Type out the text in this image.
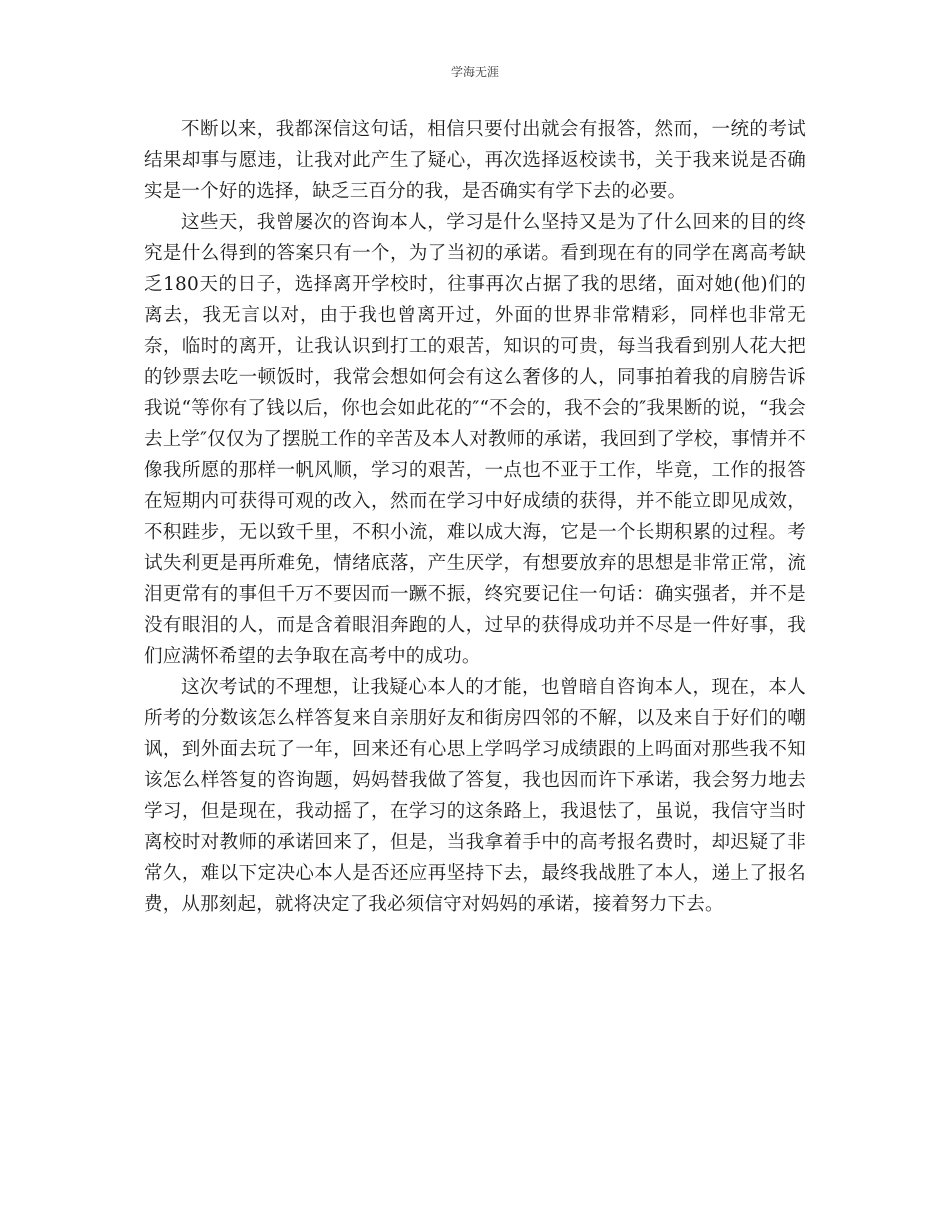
学海无涯

不断以来，我都深信这句话，相信只要付出就会有报答，然而，一统的考试结果却事与愿违，让我对此产生了疑心，再次选择返校读书，关于我来说是否确实是一个好的选择，缺乏三百分的我，是否确实有学下去的必要。

这些天，我曾屡次的咨询本人，学习是什么坚持又是为了什么回来的目的终究是什么得到的答案只有一个，为了当初的承诺。看到现在有的同学在离高考缺乏180天的日子，选择离开学校时，往事再次占据了我的思绪，面对她(他)们的离去，我无言以对，由于我也曾离开过，外面的世界非常精彩，同样也非常无奈，临时的离开，让我认识到打工的艰苦，知识的可贵，每当我看到别人花大把的钞票去吃一顿饭时，我常会想如何会有这么奢侈的人，同事拍着我的肩膀告诉我说“等你有了钱以后，你也会如此花的″“不会的，我不会的″我果断的说，“我会去上学″仅仅为了摆脱工作的辛苦及本人对教师的承诺，我回到了学校，事情并不像我所愿的那样一帆风顺，学习的艰苦，一点也不亚于工作，毕竟，工作的报答在短期内可获得可观的改入，然而在学习中好成绩的获得，并不能立即见成效，不积跬步，无以致千里，不积小流，难以成大海，它是一个长期积累的过程。考试失利更是再所难免，情绪底落，产生厌学，有想要放弃的思想是非常正常，流泪更常有的事但千万不要因而一蹶不振，终究要记住一句话：确实强者，并不是没有眼泪的人，而是含着眼泪奔跑的人，过早的获得成功并不尽是一件好事，我们应满怀希望的去争取在高考中的成功。

这次考试的不理想，让我疑心本人的才能，也曾暗自咨询本人，现在，本人所考的分数该怎么样答复来自亲朋好友和街房四邻的不解，以及来自于好们的嘲讽，到外面去玩了一年，回来还有心思上学吗学习成绩跟的上吗面对那些我不知该怎么样答复的咨询题，妈妈替我做了答复，我也因而许下承诺，我会努力地去学习，但是现在，我动摇了，在学习的这条路上，我退怯了，虽说，我信守当时离校时对教师的承诺回来了，但是，当我拿着手中的高考报名费时，却迟疑了非常久，难以下定决心本人是否还应再坚持下去，最终我战胜了本人，递上了报名费，从那刻起，就将决定了我必须信守对妈妈的承诺，接着努力下去。
